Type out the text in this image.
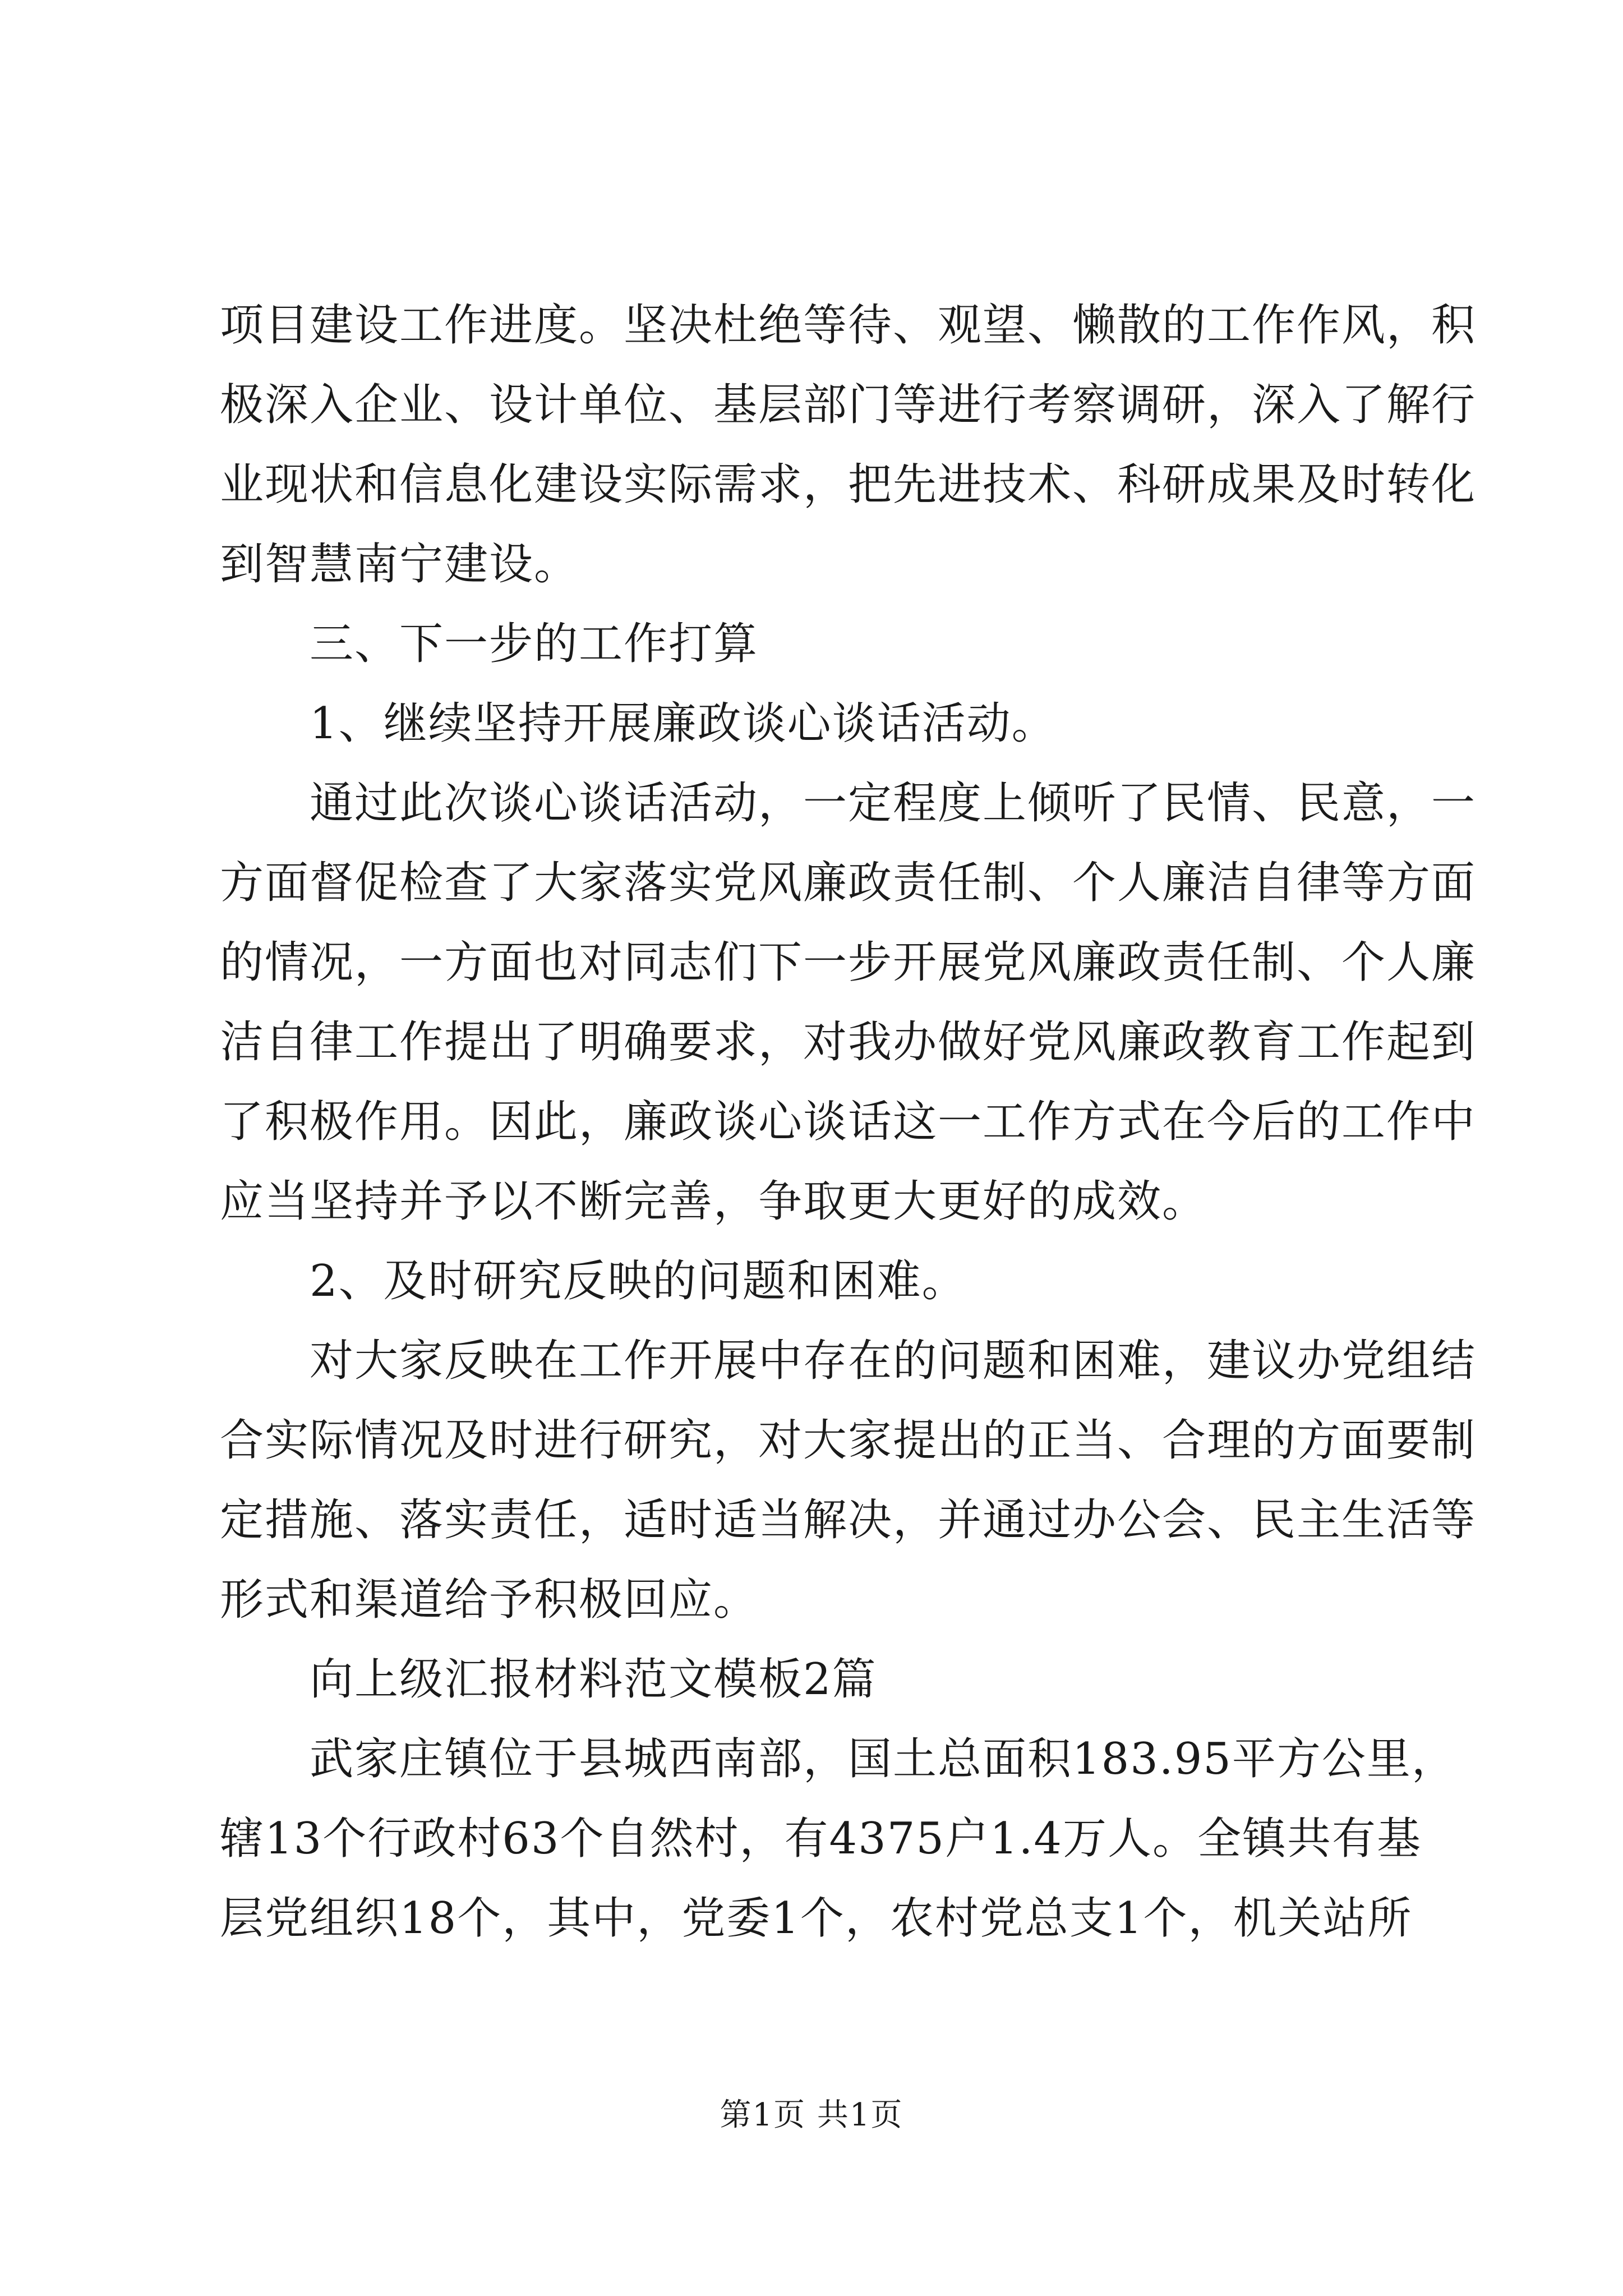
项目建设工作进度。坚决杜绝等待、观望、懒散的工作作风，积
极深入企业、设计单位、基层部门等进行考察调研，深入了解行
业现状和信息化建设实际需求，把先进技术、科研成果及时转化
到智慧南宁建设。
三、下一步的工作打算
1、继续坚持开展廉政谈心谈话活动。
通过此次谈心谈话活动，一定程度上倾听了民情、民意，一
方面督促检查了大家落实党风廉政责任制、个人廉洁自律等方面
的情况，一方面也对同志们下一步开展党风廉政责任制、个人廉
洁自律工作提出了明确要求，对我办做好党风廉政教育工作起到
了积极作用。因此，廉政谈心谈话这一工作方式在今后的工作中
应当坚持并予以不断完善，争取更大更好的成效。
2、及时研究反映的问题和困难。
对大家反映在工作开展中存在的问题和困难，建议办党组结
合实际情况及时进行研究，对大家提出的正当、合理的方面要制
定措施、落实责任，适时适当解决，并通过办公会、民主生活等
形式和渠道给予积极回应。
向上级汇报材料范文模板2篇
武家庄镇位于县城西南部，国土总面积183.95平方公里，
辖13个行政村63个自然村，有4375户1.4万人。全镇共有基
层党组织18个，其中，党委1个，农村党总支1个，机关站所
第1页 共1页
